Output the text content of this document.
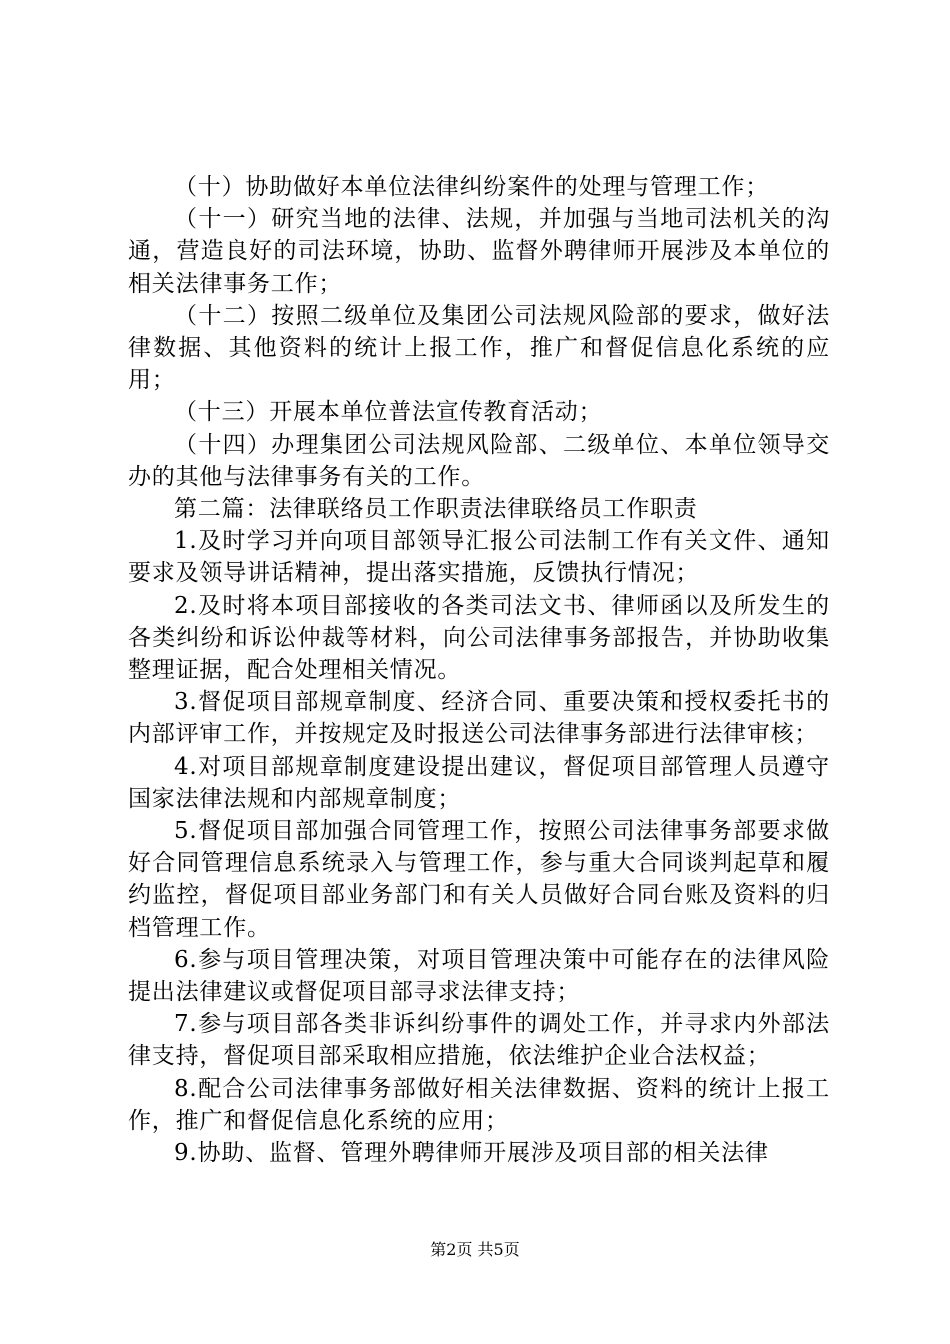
（十）协助做好本单位法律纠纷案件的处理与管理工作；

（十一）研究当地的法律、法规，并加强与当地司法机关的沟通，营造良好的司法环境，协助、监督外聘律师开展涉及本单位的相关法律事务工作；

（十二）按照二级单位及集团公司法规风险部的要求，做好法律数据、其他资料的统计上报工作，推广和督促信息化系统的应用；

（十三）开展本单位普法宣传教育活动；

（十四）办理集团公司法规风险部、二级单位、本单位领导交办的其他与法律事务有关的工作。

第二篇：法律联络员工作职责法律联络员工作职责

1.及时学习并向项目部领导汇报公司法制工作有关文件、通知要求及领导讲话精神，提出落实措施，反馈执行情况；

2.及时将本项目部接收的各类司法文书、律师函以及所发生的各类纠纷和诉讼仲裁等材料，向公司法律事务部报告，并协助收集整理证据，配合处理相关情况。

3.督促项目部规章制度、经济合同、重要决策和授权委托书的内部评审工作，并按规定及时报送公司法律事务部进行法律审核；

4.对项目部规章制度建设提出建议，督促项目部管理人员遵守国家法律法规和内部规章制度；

5.督促项目部加强合同管理工作，按照公司法律事务部要求做好合同管理信息系统录入与管理工作，参与重大合同谈判起草和履约监控，督促项目部业务部门和有关人员做好合同台账及资料的归档管理工作。

6.参与项目管理决策，对项目管理决策中可能存在的法律风险提出法律建议或督促项目部寻求法律支持；

7.参与项目部各类非诉纠纷事件的调处工作，并寻求内外部法律支持，督促项目部采取相应措施，依法维护企业合法权益；

8.配合公司法律事务部做好相关法律数据、资料的统计上报工作，推广和督促信息化系统的应用；

9.协助、监督、管理外聘律师开展涉及项目部的相关法律

第2页 共5页
